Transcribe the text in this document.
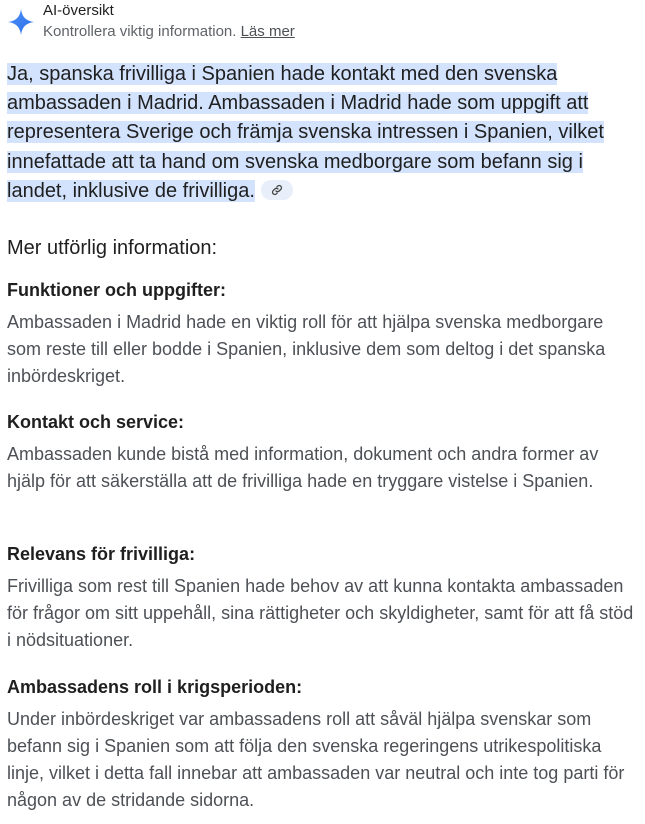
AI-översikt
Kontrollera viktig information. Läs mer
Ja, spanska frivilliga i Spanien hade kontakt med den svenska ambassaden i Madrid. Ambassaden i Madrid hade som uppgift att representera Sverige och främja svenska intressen i Spanien, vilket innefattade att ta hand om svenska medborgare som befann sig i landet, inklusive de frivilliga.
Mer utförlig information:

Funktioner och uppgifter:

Ambassaden i Madrid hade en viktig roll för att hjälpa svenska medborgare som reste till eller bodde i Spanien, inklusive dem som deltog i det spanska inbördeskriget.

Kontakt och service:

Ambassaden kunde bistå med information, dokument och andra former av hjälp för att säkerställa att de frivilliga hade en tryggare vistelse i Spanien.

Relevans för frivilliga:

Frivilliga som rest till Spanien hade behov av att kunna kontakta ambassaden för frågor om sitt uppehåll, sina rättigheter och skyldigheter, samt för att få stöd i nödsituationer.

Ambassadens roll i krigsperioden:

Under inbördeskriget var ambassadens roll att såväl hjälpa svenskar som befann sig i Spanien som att följa den svenska regeringens utrikespolitiska linje, vilket i detta fall innebar att ambassaden var neutral och inte tog parti för någon av de stridande sidorna.
